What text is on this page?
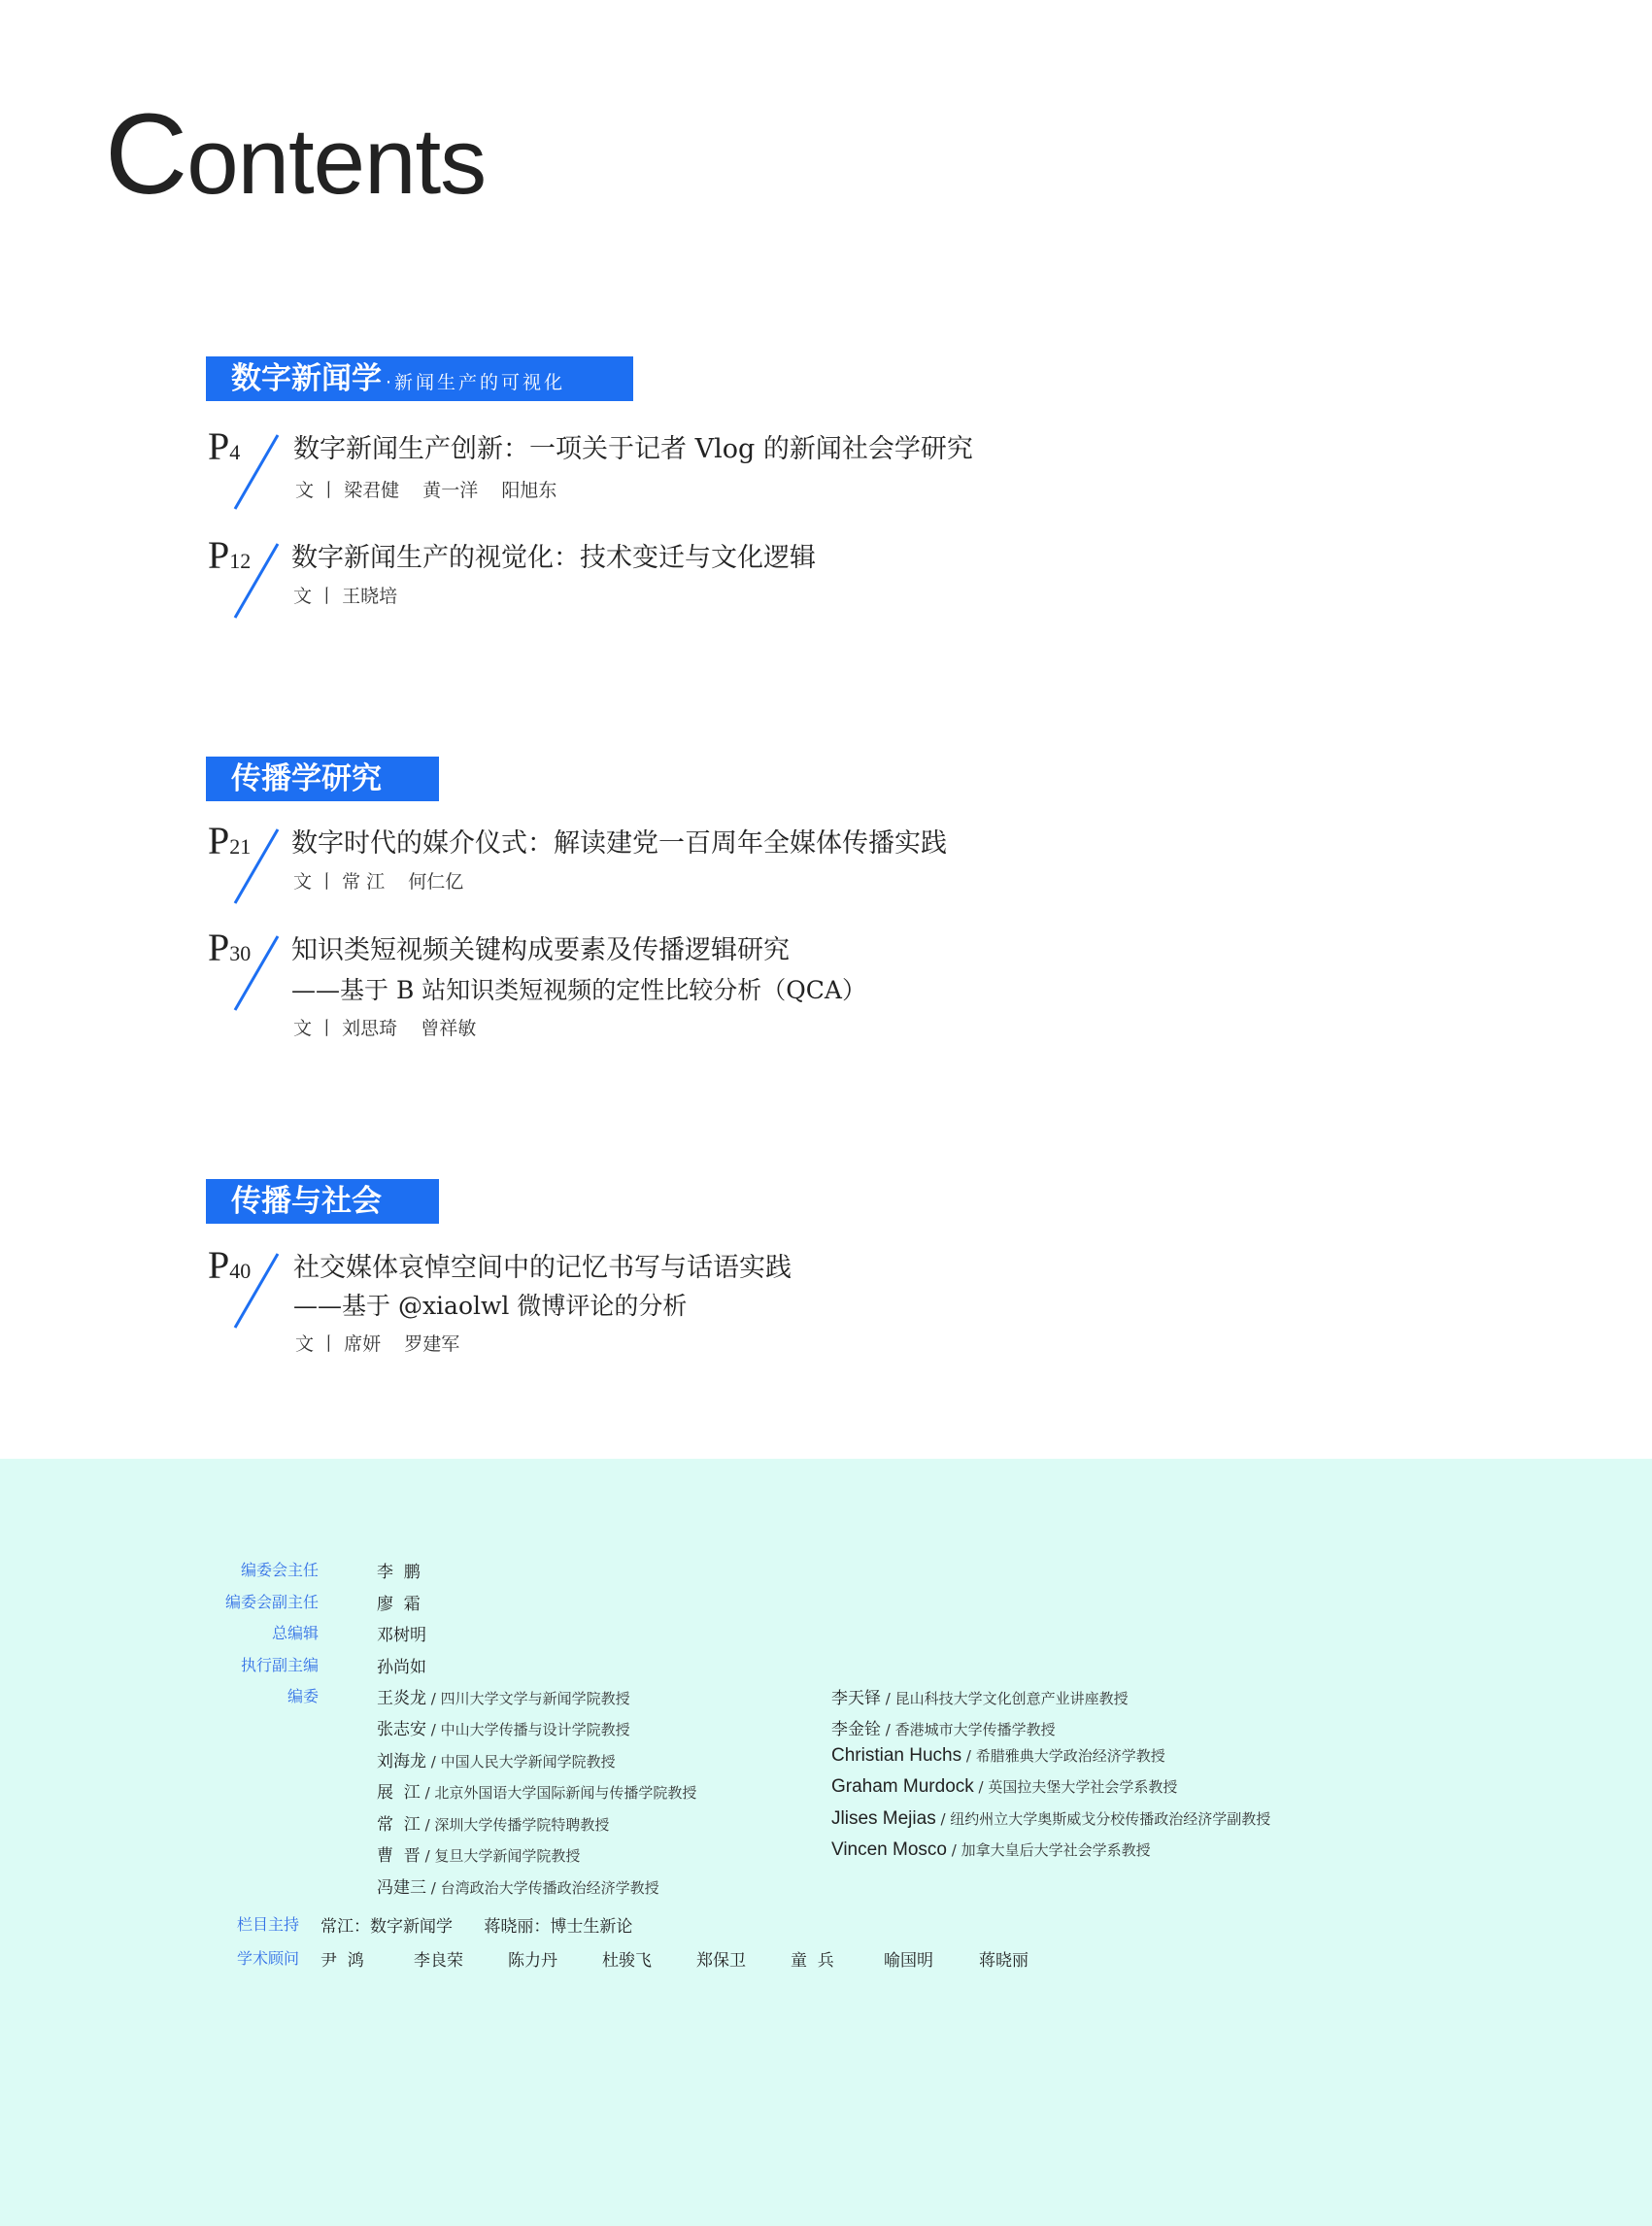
Contents
数字新闻学 ·新闻生产的可视化
P4 数字新闻生产创新：一项关于记者 Vlog 的新闻社会学研究
文 丨 梁君健    黄一洋    阳旭东
P12 数字新闻生产的视觉化：技术变迁与文化逻辑
文 丨 王晓培
传播学研究
P21 数字时代的媒介仪式：解读建党一百周年全媒体传播实践
文 丨 常 江    何仁亿
P30 知识类短视频关键构成要素及传播逻辑研究
——基于 B 站知识类短视频的定性比较分析（QCA）
文 丨 刘思琦    曾祥敏
传播与社会
P40 社交媒体哀悼空间中的记忆书写与话语实践
——基于 @xiaolwl 微博评论的分析
文 丨 席妍    罗建军
编委会主任	李  鹏
编委会副主任	廖  霜
总编辑	邓树明
执行副主编	孙尚如
编委	王炎龙 / 四川大学文学与新闻学院教授
张志安 / 中山大学传播与设计学院教授
刘海龙 / 中国人民大学新闻学院教授
展  江 / 北京外国语大学国际新闻与传播学院教授
常  江 / 深圳大学传播学院特聘教授
曹  晋 / 复旦大学新闻学院教授
冯建三 / 台湾政治大学传播政治经济学教授
李天铎 / 昆山科技大学文化创意产业讲座教授
李金铨 / 香港城市大学传播学教授
Christian Huchs / 希腊雅典大学政治经济学教授
Graham Murdock / 英国拉夫堡大学社会学系教授
Jlises Mejias / 纽约州立大学奥斯威戈分校传播政治经济学副教授
Vincen Mosco / 加拿大皇后大学社会学系教授
栏目主持 常江：数字新闻学      蒋晓丽：博士生新论
学术顾问 尹  鸿	李良荣	陈力丹	杜骏飞	郑保卫	童  兵	喻国明	蒋晓丽
